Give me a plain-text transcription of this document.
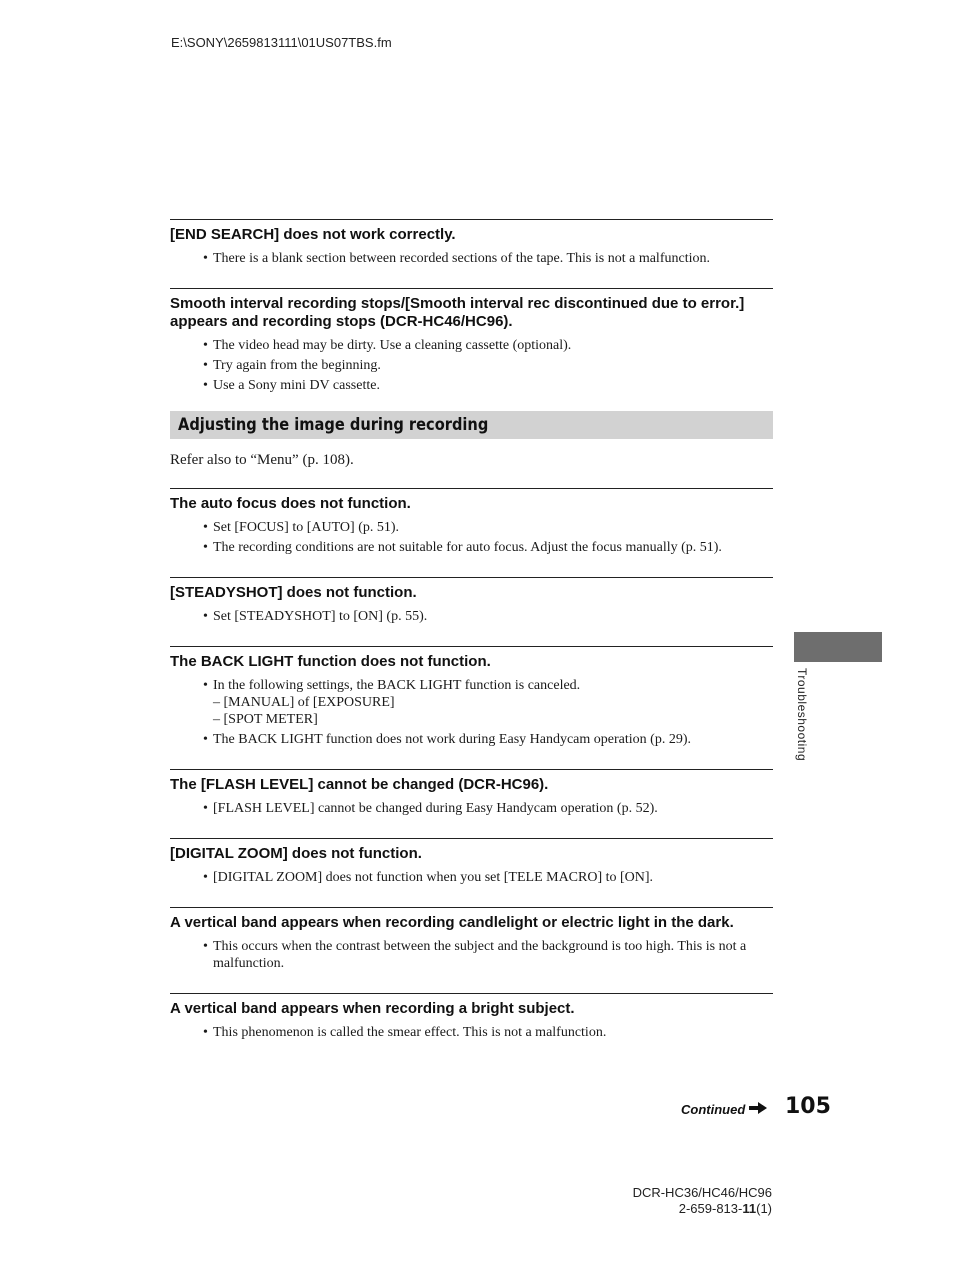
E:\SONY\2659813111\01US07TBS.fm
[END SEARCH] does not work correctly.
• There is a blank section between recorded sections of the tape. This is not a malfunction.
Smooth interval recording stops/[Smooth interval rec discontinued due to error.] appears and recording stops (DCR-HC46/HC96).
• The video head may be dirty. Use a cleaning cassette (optional).
• Try again from the beginning.
• Use a Sony mini DV cassette.
Adjusting the image during recording
Refer also to “Menu” (p. 108).
The auto focus does not function.
• Set [FOCUS] to [AUTO] (p. 51).
• The recording conditions are not suitable for auto focus. Adjust the focus manually (p. 51).
[STEADYSHOT] does not function.
• Set [STEADYSHOT] to [ON] (p. 55).
The BACK LIGHT function does not function.
• In the following settings, the BACK LIGHT function is canceled.
– [MANUAL] of [EXPOSURE]
– [SPOT METER]
• The BACK LIGHT function does not work during Easy Handycam operation (p. 29).
The [FLASH LEVEL] cannot be changed (DCR-HC96).
• [FLASH LEVEL] cannot be changed during Easy Handycam operation (p. 52).
[DIGITAL ZOOM] does not function.
• [DIGITAL ZOOM] does not function when you set [TELE MACRO] to [ON].
A vertical band appears when recording candlelight or electric light in the dark.
• This occurs when the contrast between the subject and the background is too high. This is not a malfunction.
A vertical band appears when recording a bright subject.
• This phenomenon is called the smear effect. This is not a malfunction.
Troubleshooting
Continued 105
DCR-HC36/HC46/HC96
2-659-813-11(1)
